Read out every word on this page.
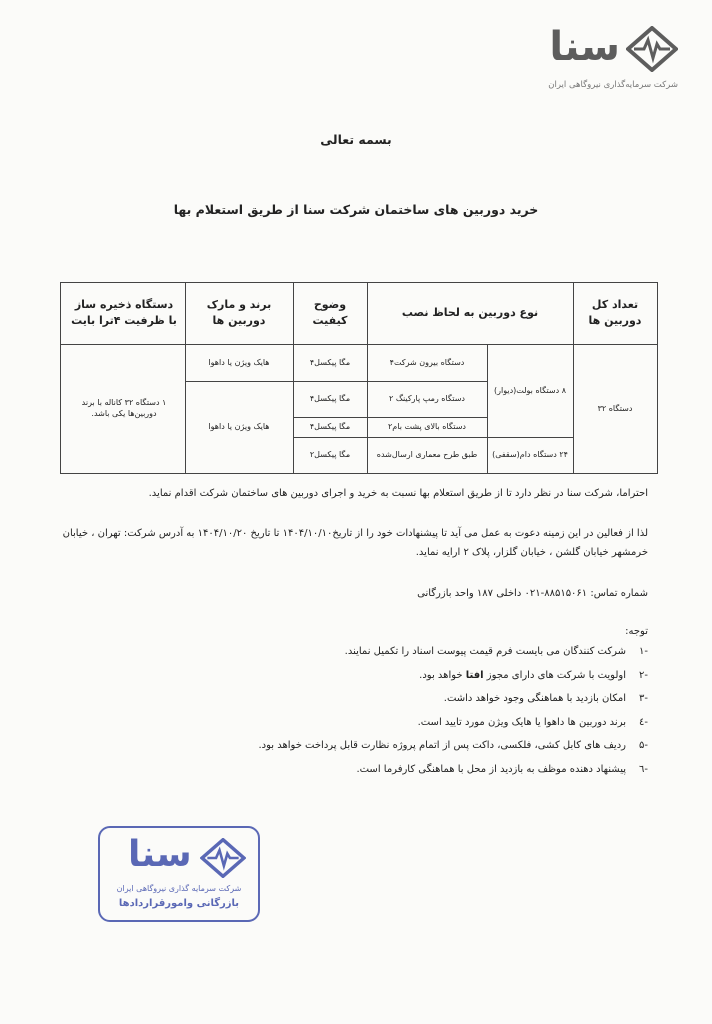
سنا
شرکت سرمایه‌گذاری نیروگاهی ایران
بسمه تعالی
خرید دوربین های ساختمان شرکت سنا از طریق استعلام بها
دستگاه ذخیره ساز با ظرفیت ۴ترا بایت
برند و مارک دوربین ها
وضوح کیفیت
نوع دوربین به لحاظ نصب
تعداد کل دوربین ها
۱ دستگاه ۳۲ کاناله با برند دوربین‌ها یکی باشد.
هایک ویژن یا داهوا
هایک ویژن یا داهوا
۴مگا پیکسل
۴مگا پیکسل
۴مگا پیکسل
۲مگا پیکسل
۴دستگاه بیرون شرکت
۲ دستگاه رمپ پارکینگ
۲دستگاه بالای پشت بام
طبق طرح معماری ارسال‌شده
۸ دستگاه بولت(دیوار)
۲۴ دستگاه دام(سقفی)
۳۲ دستگاه
احتراما، شرکت سنا در نظر دارد تا از طریق استعلام بها نسبت به خرید و اجرای دوربین های ساختمان شرکت اقدام نماید.
لذا از فعالین در این زمینه دعوت به عمل می آید تا پیشنهادات خود را از تاریخ۱۴۰۴/۱۰/۱۰ تا تاریخ ۱۴۰۴/۱۰/۲۰ به آدرس شرکت: تهران ، خیابان خرمشهر خیابان گلشن ، خیابان گلزار، پلاک ۲ ارایه نماید.
شماره تماس: ۸۸۵۱۵۰۶۱-۰۲۱ داخلی ۱۸۷ واحد بازرگانی
توجه:
-۱
شرکت کنندگان می بایست فرم قیمت پیوست اسناد را تکمیل نمایند.
-۲
اولویت با شرکت های دارای مجوز افتا خواهد بود.
-۳
امکان بازدید با هماهنگی وجود خواهد داشت.
-٤
برند دوربین ها داهوا یا هایک ویژن مورد تایید است.
-۵
ردیف های کابل کشی، فلکسی، داکت پس از اتمام پروژه نظارت قابل پرداخت خواهد بود.
-٦
پیشنهاد دهنده موظف به بازدید از محل با هماهنگی کارفرما است.
سنا
شرکت سرمایه گذاری نیروگاهی ایران
بازرگانی وامورقراردادها
